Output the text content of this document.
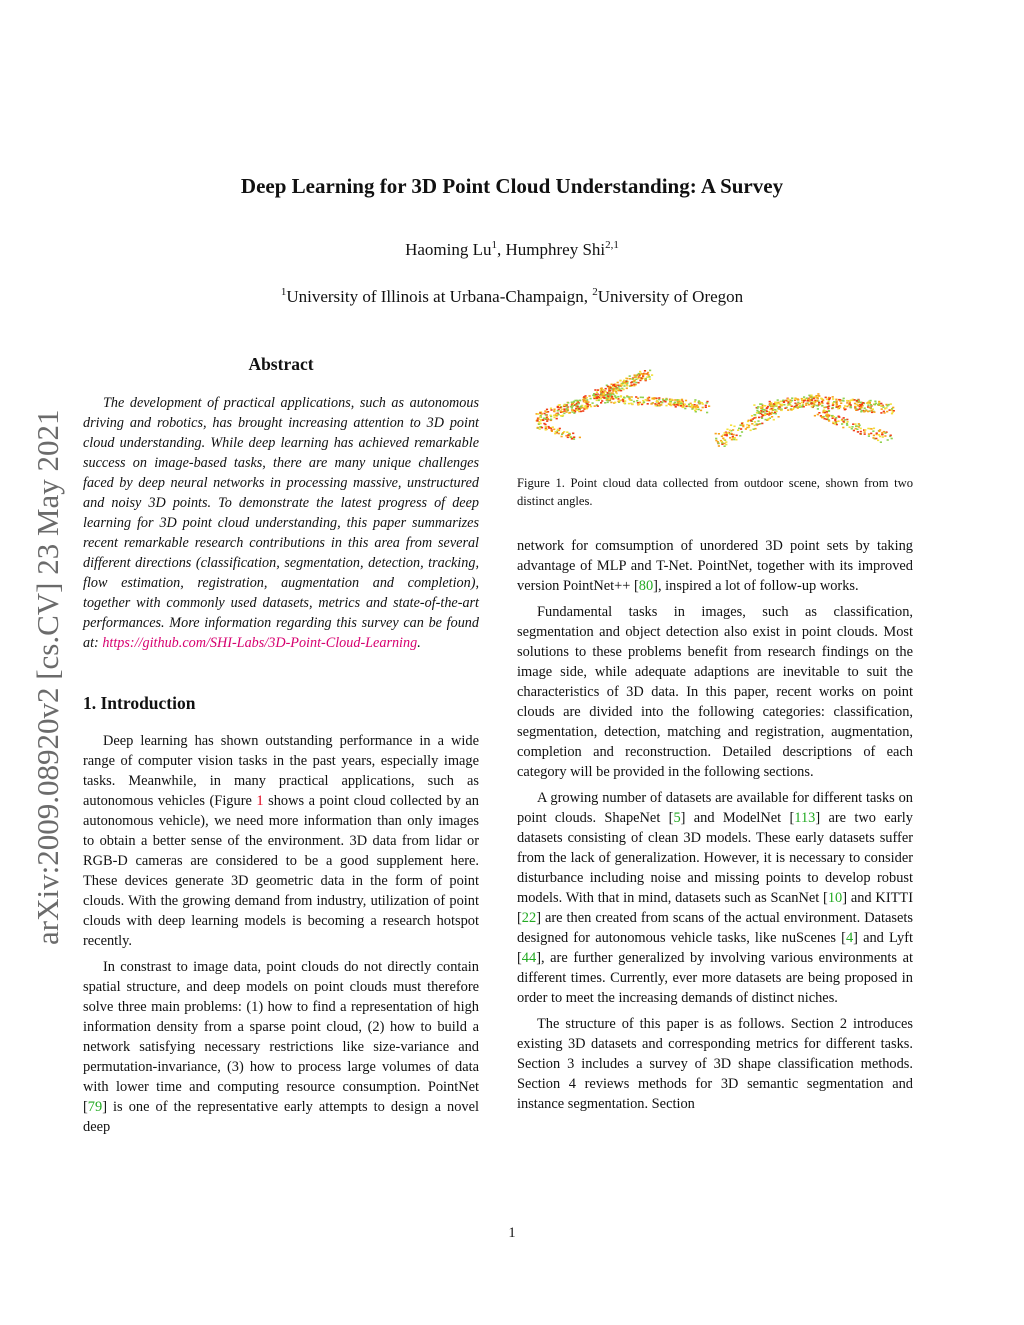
arXiv:2009.08920v2 [cs.CV] 23 May 2021
Deep Learning for 3D Point Cloud Understanding: A Survey
Haoming Lu$^1$, Humphrey Shi$^{2,1}$
$^1$University of Illinois at Urbana-Champaign, $^2$University of Oregon
Abstract

The development of practical applications, such as autonomous driving and robotics, has brought increasing attention to 3D point cloud understanding. While deep learning has achieved remarkable success on image-based tasks, there are many unique challenges faced by deep neural networks in processing massive, unstructured and noisy 3D points. To demonstrate the latest progress of deep learning for 3D point cloud understanding, this paper summarizes recent remarkable research contributions in this area from several different directions (classification, segmentation, detection, tracking, flow estimation, registration, augmentation and completion), together with commonly used datasets, metrics and state-of-the-art performances. More information regarding this survey can be found at: https://github.com/SHI-Labs/3D-Point-Cloud-Learning.

1. Introduction

Deep learning has shown outstanding performance in a wide range of computer vision tasks in the past years, especially image tasks. Meanwhile, in many practical applications, such as autonomous vehicles (Figure 1 shows a point cloud collected by an autonomous vehicle), we need more information than only images to obtain a better sense of the environment. 3D data from lidar or RGB-D cameras are considered to be a good supplement here. These devices generate 3D geometric data in the form of point clouds. With the growing demand from industry, utilization of point clouds with deep learning models is becoming a research hotspot recently.

In constrast to image data, point clouds do not directly contain spatial structure, and deep models on point clouds must therefore solve three main problems: (1) how to find a representation of high information density from a sparse point cloud, (2) how to build a network satisfying necessary restrictions like size-variance and permutation-invariance, (3) how to process large volumes of data with lower time and computing resource consumption. PointNet [79] is one of the representative early attempts to design a novel deep

Figure 1. Point cloud data collected from outdoor scene, shown from two distinct angles.

network for comsumption of unordered 3D point sets by taking advantage of MLP and T-Net. PointNet, together with its improved version PointNet++ [80], inspired a lot of follow-up works.

Fundamental tasks in images, such as classification, segmentation and object detection also exist in point clouds. Most solutions to these problems benefit from research findings on the image side, while adequate adaptions are inevitable to suit the characteristics of 3D data. In this paper, recent works on point clouds are divided into the following categories: classification, segmentation, detection, matching and registration, augmentation, completion and reconstruction. Detailed descriptions of each category will be provided in the following sections.

A growing number of datasets are available for different tasks on point clouds. ShapeNet [5] and ModelNet [113] are two early datasets consisting of clean 3D models. These early datasets suffer from the lack of generalization. However, it is necessary to consider disturbance including noise and missing points to develop robust models. With that in mind, datasets such as ScanNet [10] and KITTI [22] are then created from scans of the actual environment. Datasets designed for autonomous vehicle tasks, like nuScenes [4] and Lyft [44], are further generalized by involving various environments at different times. Currently, ever more datasets are being proposed in order to meet the increasing demands of distinct niches.

The structure of this paper is as follows. Section 2 introduces existing 3D datasets and corresponding metrics for different tasks. Section 3 includes a survey of 3D shape classification methods. Section 4 reviews methods for 3D semantic segmentation and instance segmentation. Section

1
